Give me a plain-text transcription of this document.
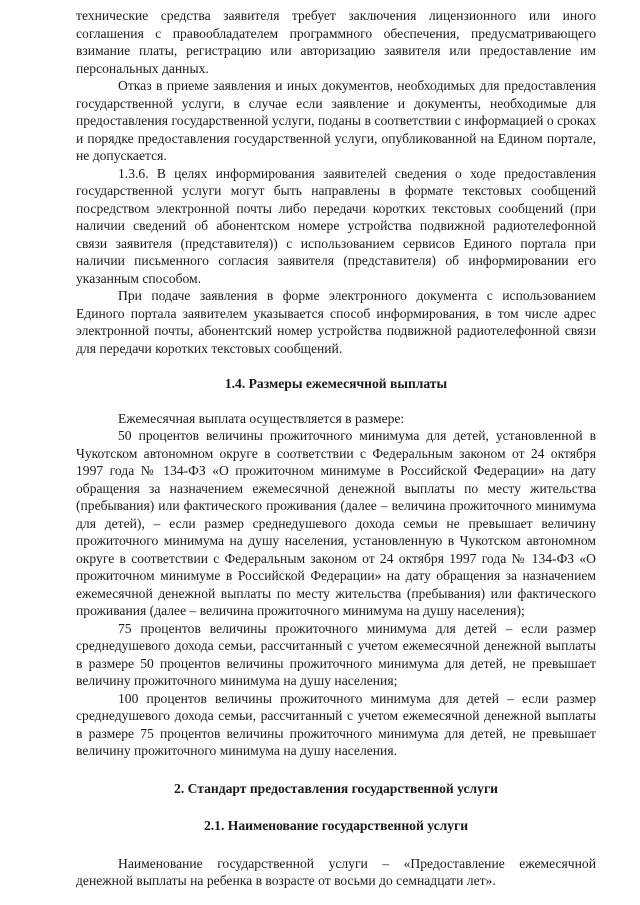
технические средства заявителя требует заключения лицензионного или иного соглашения с правообладателем программного обеспечения, предусматривающего взимание платы, регистрацию или авторизацию заявителя или предоставление им персональных данных.

Отказ в приеме заявления и иных документов, необходимых для предоставления государственной услуги, в случае если заявление и документы, необходимые для предоставления государственной услуги, поданы в соответствии с информацией о сроках и порядке предоставления государственной услуги, опубликованной на Едином портале, не допускается.

1.3.6. В целях информирования заявителей сведения о ходе предоставления государственной услуги могут быть направлены в формате текстовых сообщений посредством электронной почты либо передачи коротких текстовых сообщений (при наличии сведений об абонентском номере устройства подвижной радиотелефонной связи заявителя (представителя)) с использованием сервисов Единого портала при наличии письменного согласия заявителя (представителя) об информировании его указанным способом.

При подаче заявления в форме электронного документа с использованием Единого портала заявителем указывается способ информирования, в том числе адрес электронной почты, абонентский номер устройства подвижной радиотелефонной связи для передачи коротких текстовых сообщений.

1.4. Размеры ежемесячной выплаты

Ежемесячная выплата осуществляется в размере:

50 процентов величины прожиточного минимума для детей, установленной в Чукотском автономном округе в соответствии с Федеральным законом от 24 октября 1997 года № 134-ФЗ «О прожиточном минимуме в Российской Федерации» на дату обращения за назначением ежемесячной денежной выплаты по месту жительства (пребывания) или фактического проживания (далее – величина прожиточного минимума для детей), – если размер среднедушевого дохода семьи не превышает величину прожиточного минимума на душу населения, установленную в Чукотском автономном округе в соответствии с Федеральным законом от 24 октября 1997 года № 134-ФЗ «О прожиточном минимуме в Российской Федерации» на дату обращения за назначением ежемесячной денежной выплаты по месту жительства (пребывания) или фактического проживания (далее – величина прожиточного минимума на душу населения);

75 процентов величины прожиточного минимума для детей – если размер среднедушевого дохода семьи, рассчитанный с учетом ежемесячной денежной выплаты в размере 50 процентов величины прожиточного минимума для детей, не превышает величину прожиточного минимума на душу населения;

100 процентов величины прожиточного минимума для детей – если размер среднедушевого дохода семьи, рассчитанный с учетом ежемесячной денежной выплаты в размере 75 процентов величины прожиточного минимума для детей, не превышает величину прожиточного минимума на душу населения.

2. Стандарт предоставления государственной услуги
2.1. Наименование государственной услуги

Наименование государственной услуги – «Предоставление ежемесячной денежной выплаты на ребенка в возрасте от восьми до семнадцати лет».
